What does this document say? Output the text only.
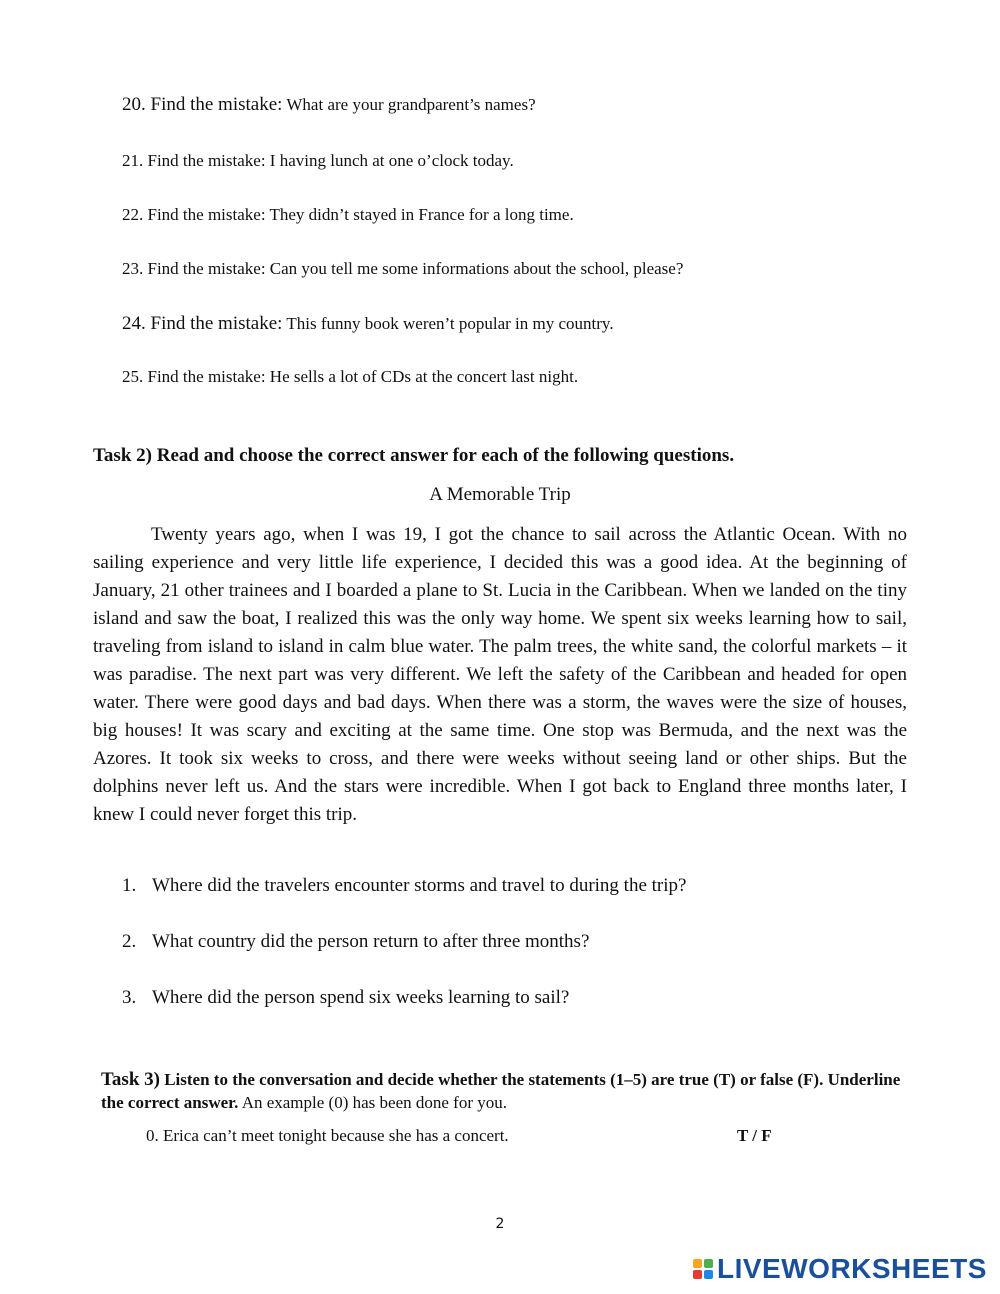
20. Find the mistake: What are your grandparent’s names?
21. Find the mistake: I having lunch at one o’clock today.
22. Find the mistake: They didn’t stayed in France for a long time.
23. Find the mistake: Can you tell me some informations about the school, please?
24. Find the mistake: This funny book weren’t popular in my country.
25. Find the mistake: He sells a lot of CDs at the concert last night.
Task 2) Read and choose the correct answer for each of the following questions.
A Memorable Trip

Twenty years ago, when I was 19, I got the chance to sail across the Atlantic Ocean. With no sailing experience and very little life experience, I decided this was a good idea. At the beginning of January, 21 other trainees and I boarded a plane to St. Lucia in the Caribbean. When we landed on the tiny island and saw the boat, I realized this was the only way home. We spent six weeks learning how to sail, traveling from island to island in calm blue water. The palm trees, the white sand, the colorful markets – it was paradise. The next part was very different. We left the safety of the Caribbean and headed for open water. There were good days and bad days. When there was a storm, the waves were the size of houses, big houses! It was scary and exciting at the same time. One stop was Bermuda, and the next was the Azores. It took six weeks to cross, and there were weeks without seeing land or other ships. But the dolphins never left us. And the stars were incredible. When I got back to England three months later, I knew I could never forget this trip.

1. Where did the travelers encounter storms and travel to during the trip?
2. What country did the person return to after three months?
3. Where did the person spend six weeks learning to sail?
Task 3) Listen to the conversation and decide whether the statements (1–5) are true (T) or false (F). Underline the correct answer. An example (0) has been done for you.
0. Erica can’t meet tonight because she has a concert.	T / F
2
LIVEWORKSHEETS
